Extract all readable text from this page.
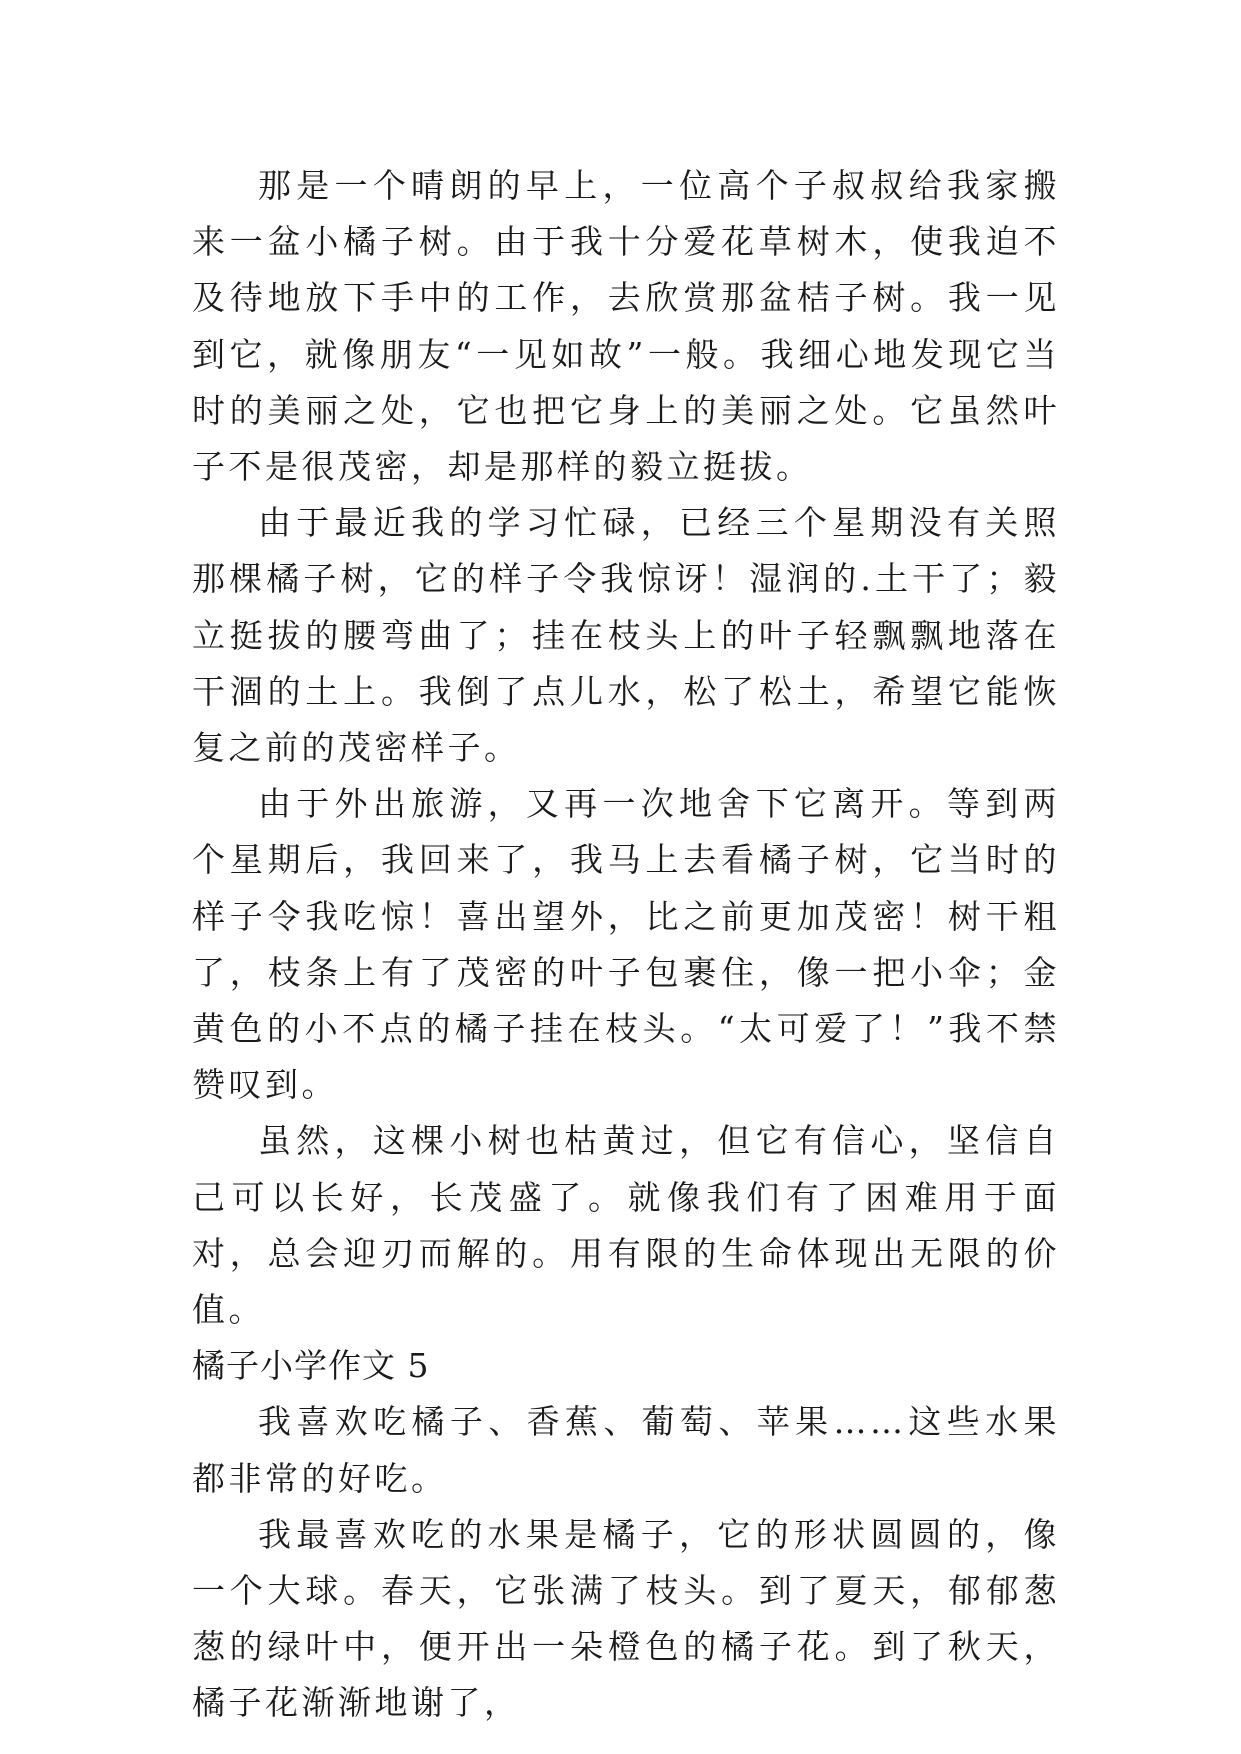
那是一个晴朗的早上，一位高个子叔叔给我家搬来一盆小橘子树。由于我十分爱花草树木，使我迫不及待地放下手中的工作，去欣赏那盆桔子树。我一见到它，就像朋友“一见如故”一般。我细心地发现它当时的美丽之处，它也把它身上的美丽之处。它虽然叶子不是很茂密，却是那样的毅立挺拔。

由于最近我的学习忙碌，已经三个星期没有关照那棵橘子树，它的样子令我惊讶！湿润的.土干了；毅立挺拔的腰弯曲了；挂在枝头上的叶子轻飘飘地落在干涸的土上。我倒了点儿水，松了松土，希望它能恢复之前的茂密样子。

由于外出旅游，又再一次地舍下它离开。等到两个星期后，我回来了，我马上去看橘子树，它当时的样子令我吃惊！喜出望外，比之前更加茂密！树干粗了，枝条上有了茂密的叶子包裹住，像一把小伞；金黄色的小不点的橘子挂在枝头。“太可爱了！”我不禁赞叹到。

虽然，这棵小树也枯黄过，但它有信心，坚信自己可以长好，长茂盛了。就像我们有了困难用于面对，总会迎刃而解的。用有限的生命体现出无限的价值。

橘子小学作文 5

我喜欢吃橘子、香蕉、葡萄、苹果……这些水果都非常的好吃。

我最喜欢吃的水果是橘子，它的形状圆圆的，像一个大球。春天，它张满了枝头。到了夏天，郁郁葱葱的绿叶中，便开出一朵橙色的橘子花。到了秋天，橘子花渐渐地谢了，
